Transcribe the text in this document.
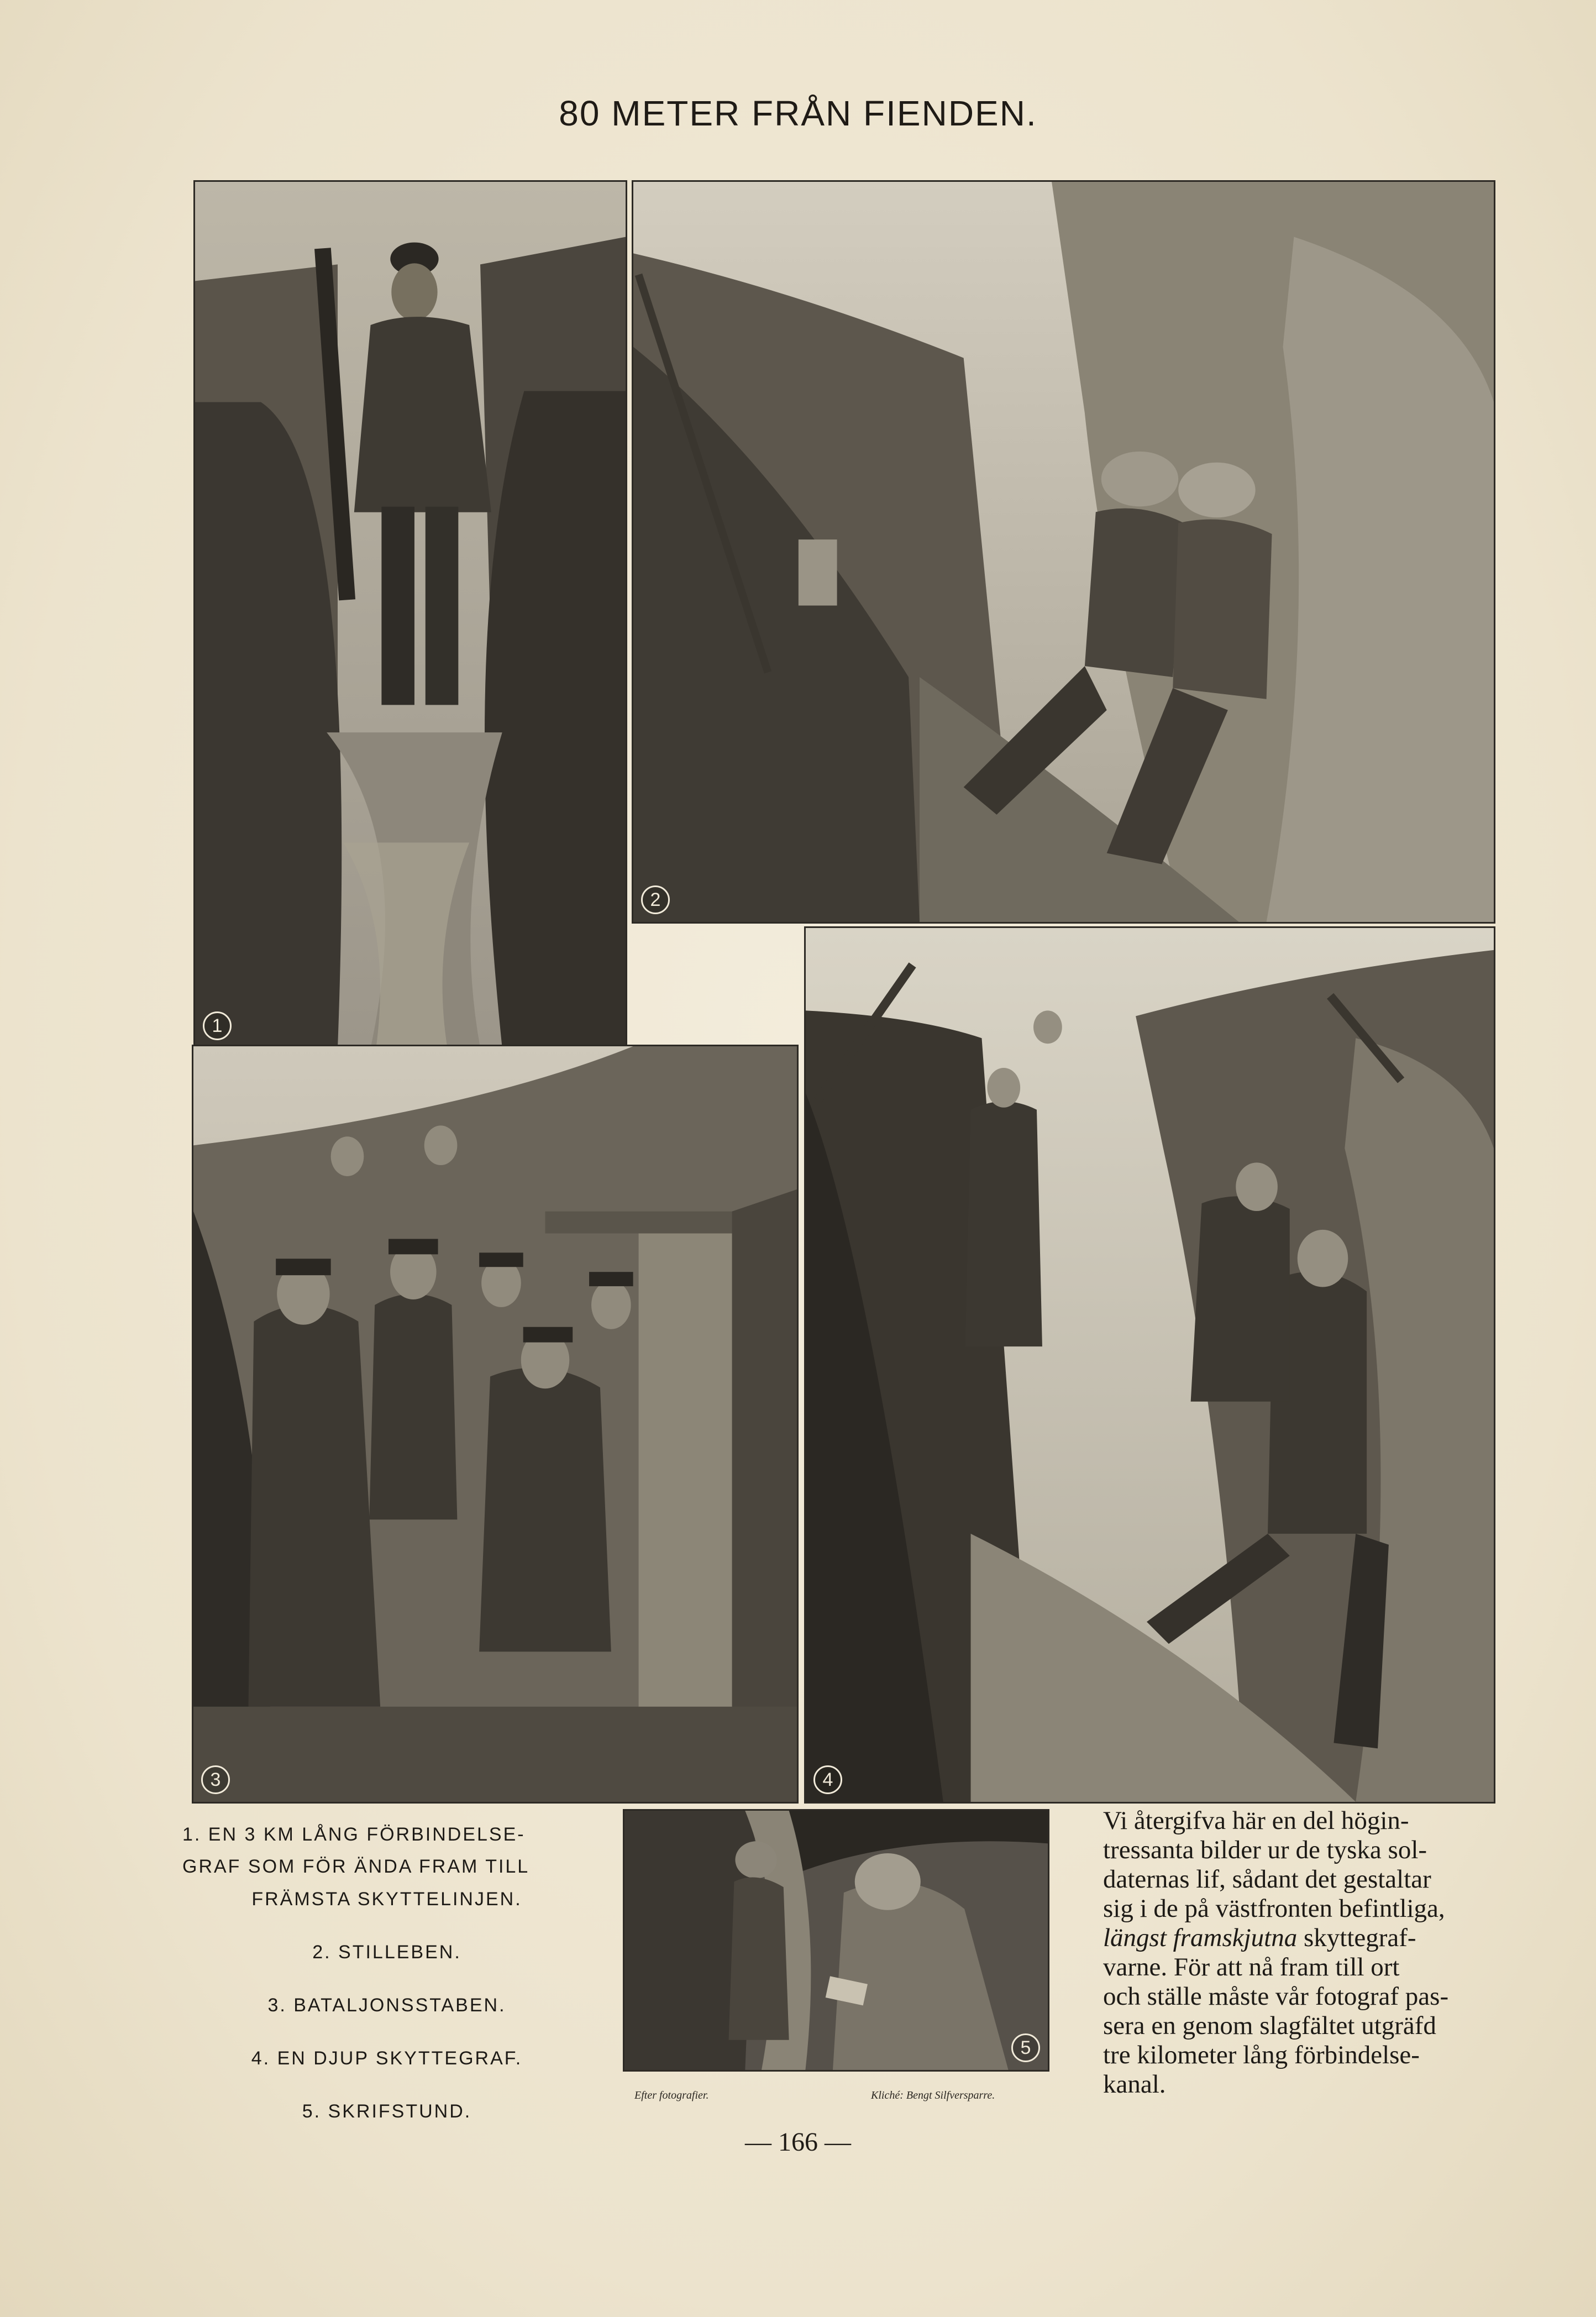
80 METER FRÅN FIENDEN.
1
2
3	4
5
1. EN 3 KM LÅNG FÖRBINDELSE-
GRAF SOM FÖR ÄNDA FRAM TILL
FRÄMSTA SKYTTELINJEN.
2. STILLEBEN.
3. BATALJONSSTABEN.
4. EN DJUP SKYTTEGRAF.
5. SKRIFSTUND.
Efter fotografier.	Kliché: Bengt Silfversparre.
Vi återgifva här en del högin-
tressanta bilder ur de tyska sol-
daternas lif, sådant det gestaltar
sig i de på västfronten befintliga,
längst framskjutna skyttegraf-
varne. För att nå fram till ort
och ställe måste vår fotograf pas-
sera en genom slagfältet utgräfd
tre kilometer lång förbindelse-
kanal.
— 166 —
